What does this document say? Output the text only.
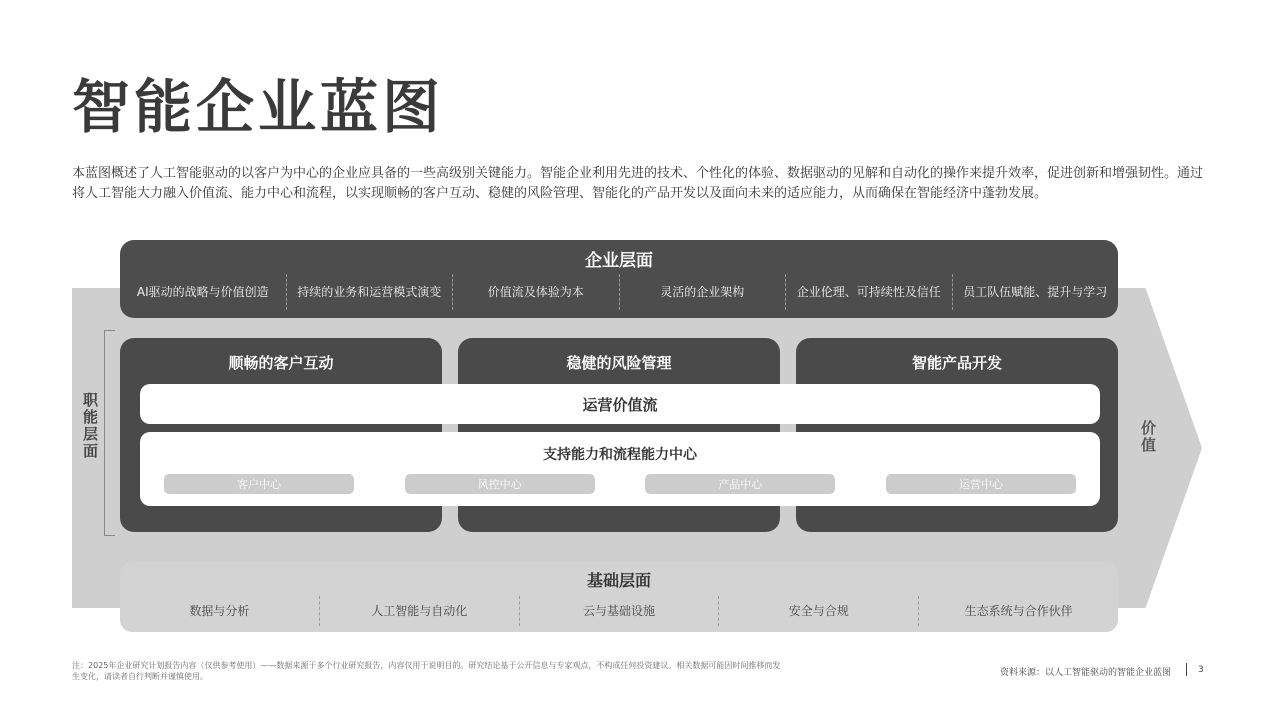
智能企业蓝图
本蓝图概述了人工智能驱动的以客户为中心的企业应具备的一些高级别关键能力。智能企业利用先进的技术、个性化的体验、数据驱动的见解和自动化的操作来提升效率，促进创新和增强韧性。通过将人工智能大力融入价值流、能力中心和流程，以实现顺畅的客户互动、稳健的风险管理、智能化的产品开发以及面向未来的适应能力，从而确保在智能经济中蓬勃发展。
价值
企业层面
AI驱动的战略与价值创造	持续的业务和运营模式演变	价值流及体验为本	灵活的企业架构	企业伦理、可持续性及信任	员工队伍赋能、提升与学习
职能层面
顺畅的客户互动	稳健的风险管理	智能产品开发
运营价值流
支持能力和流程能力中心
客户中心	风控中心	产品中心	运营中心
基础层面
数据与分析	人工智能与自动化	云与基础设施	安全与合规	生态系统与合作伙伴
注：2025年企业研究计划报告内容（仅供参考使用）——数据来源于多个行业研究报告，内容仅用于说明目的。研究结论基于公开信息与专家观点，不构成任何投资建议。相关数据可能因时间推移而发生变化，请读者自行判断并谨慎使用。	资料来源：以人工智能驱动的智能企业蓝图	3
